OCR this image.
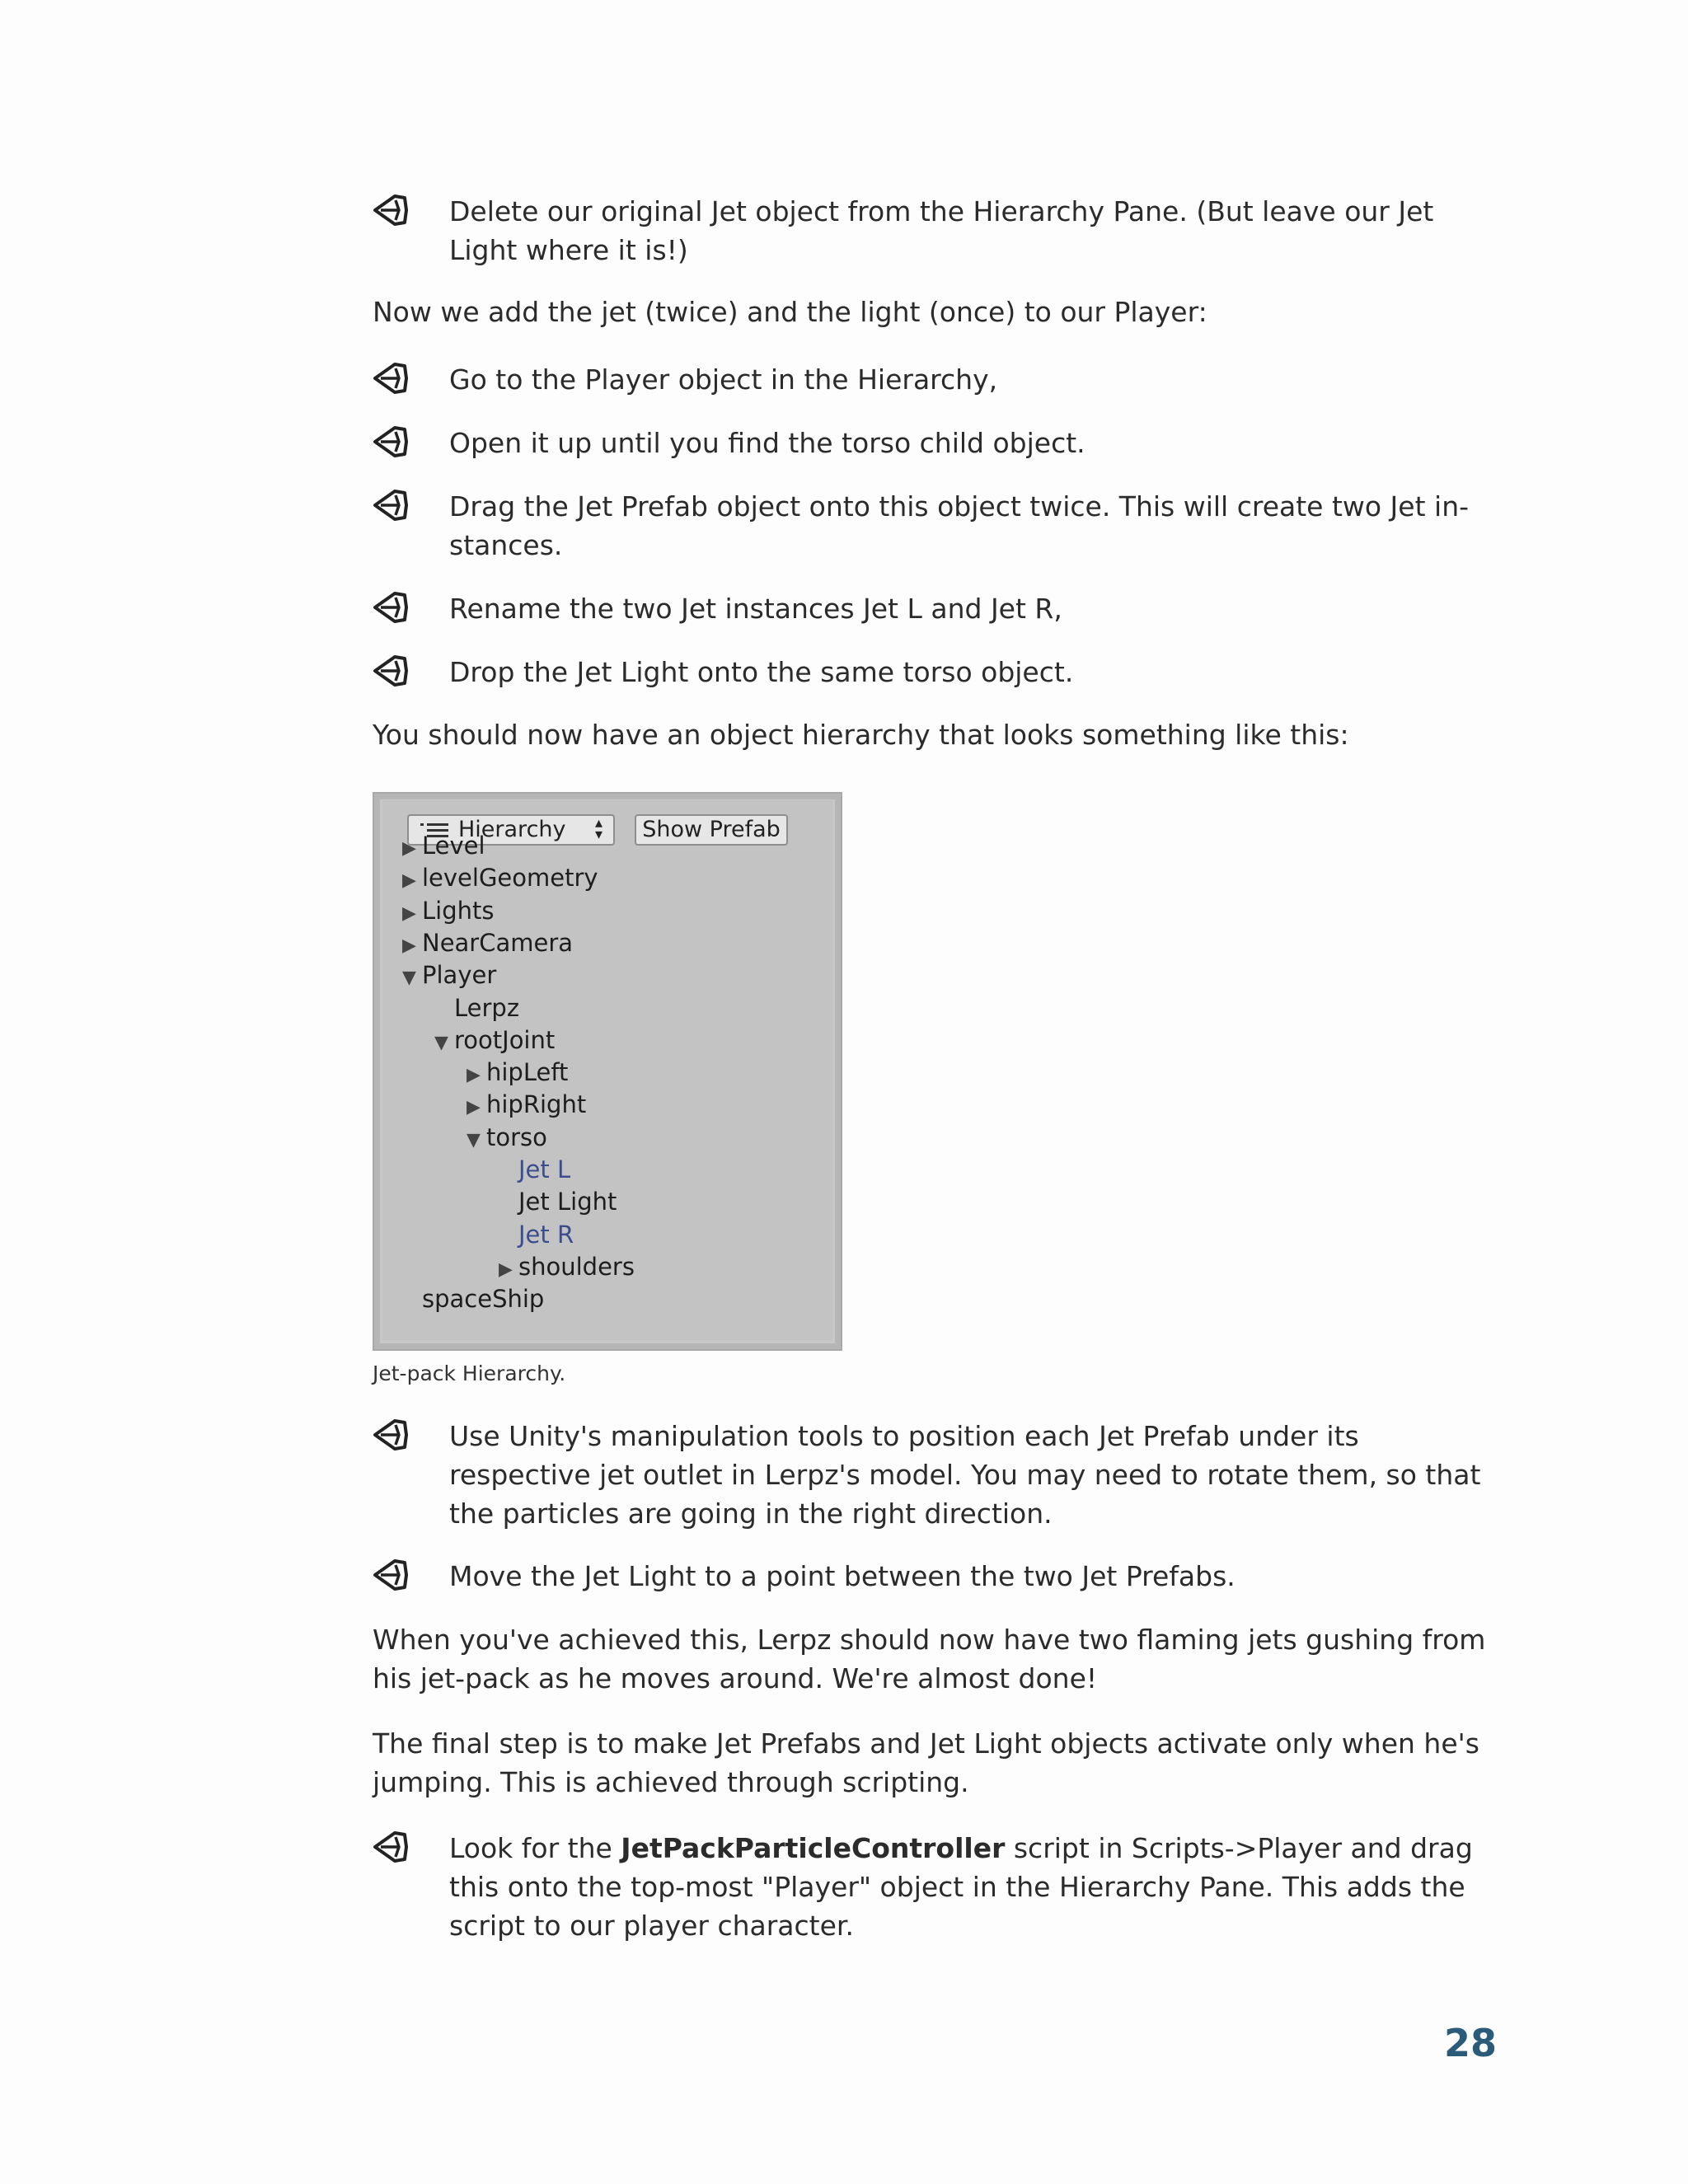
Delete our original Jet object from the Hierarchy Pane. (But leave our Jet Light where it is!)
Now we add the jet (twice) and the light (once) to our Player:
Go to the Player object in the Hierarchy,
Open it up until you find the torso child object.
Drag the Jet Prefab object onto this object twice. This will create two Jet in-stances.
Rename the two Jet instances Jet L and Jet R,
Drop the Jet Light onto the same torso object.
You should now have an object hierarchy that looks something like this:
Hierarchy ▴▾	Show Prefab
▶ Level
▶ levelGeometry
▶ Lights
▶ NearCamera
▼ Player
Lerpz
▼ rootJoint
▶ hipLeft
▶ hipRight
▼ torso
Jet L
Jet Light
Jet R
▶ shoulders
spaceShip
Jet-pack Hierarchy.
Use Unity's manipulation tools to position each Jet Prefab under its respective jet outlet in Lerpz's model. You may need to rotate them, so that the particles are going in the right direction.
Move the Jet Light to a point between the two Jet Prefabs.
When you've achieved this, Lerpz should now have two flaming jets gushing from his jet-pack as he moves around. We're almost done!
The final step is to make Jet Prefabs and Jet Light objects activate only when he's jumping. This is achieved through scripting.
Look for the JetPackParticleController script in Scripts->Player and drag this onto the top-most "Player" object in the Hierarchy Pane. This adds the script to our player character.
28
